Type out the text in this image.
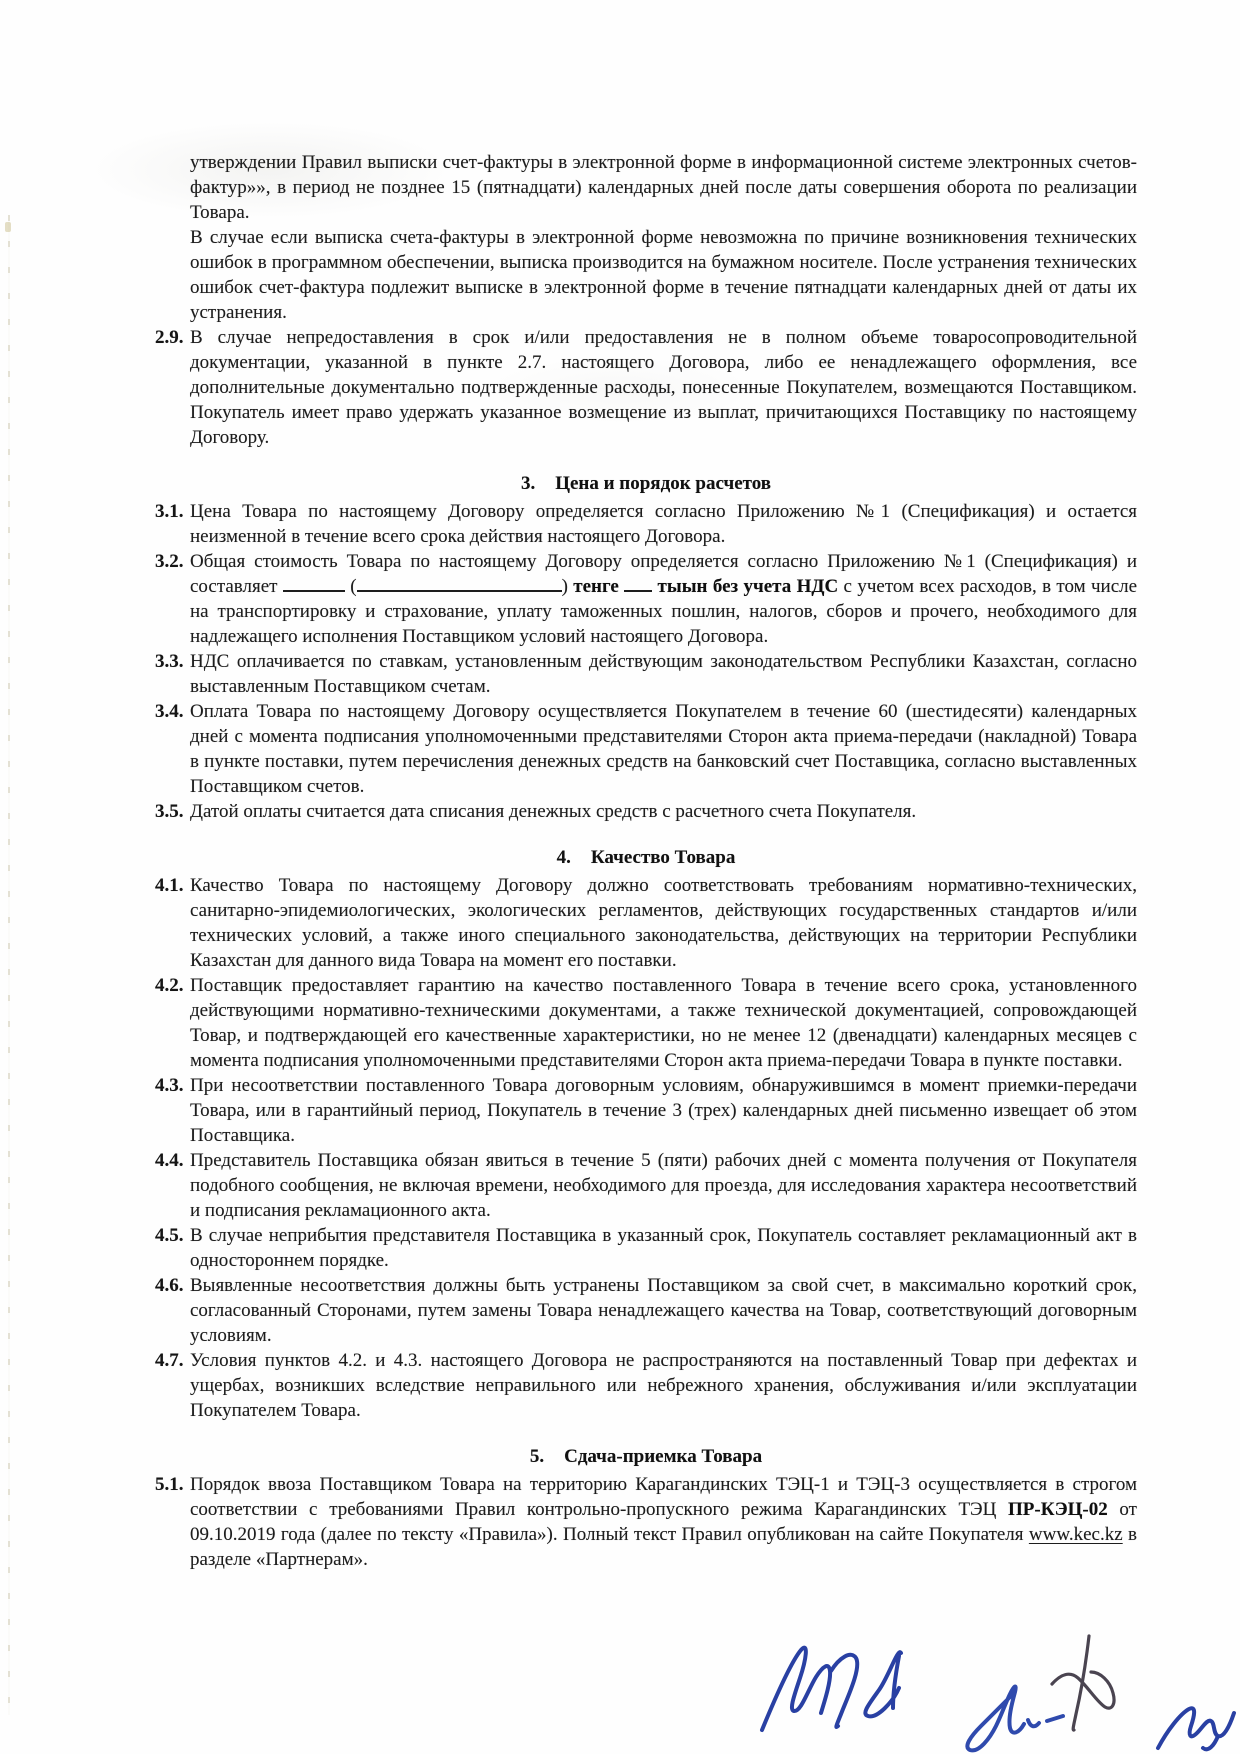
утверждении Правил выписки счет-фактуры в электронной форме в информационной системе электронных счетов-фактур»», в период не позднее 15 (пятнадцати) календарных дней после даты совершения оборота по реализации Товара.
В случае если выписка счета-фактуры в электронной форме невозможна по причине возникновения технических ошибок в программном обеспечении, выписка производится на бумажном носителе. После устранения технических ошибок счет-фактура подлежит выписке в электронной форме в течение пятнадцати календарных дней от даты их устранения.
2.9. В случае непредоставления в срок и/или предоставления не в полном объеме товаросопроводительной документации, указанной в пункте 2.7. настоящего Договора, либо ее ненадлежащего оформления, все дополнительные документально подтвержденные расходы, понесенные Покупателем, возмещаются Поставщиком. Покупатель имеет право удержать указанное возмещение из выплат, причитающихся Поставщику по настоящему Договору.
3. Цена и порядок расчетов
3.1. Цена Товара по настоящему Договору определяется согласно Приложению №1 (Спецификация) и остается неизменной в течение всего срока действия настоящего Договора.
3.2. Общая стоимость Товара по настоящему Договору определяется согласно Приложению №1 (Спецификация) и составляет	(	) тенге тыын без учета НДС с учетом всех расходов, в том числе на транспортировку и страхование, уплату таможенных пошлин, налогов, сборов и прочего, необходимого для надлежащего исполнения Поставщиком условий настоящего Договора.
3.3. НДС оплачивается по ставкам, установленным действующим законодательством Республики Казахстан, согласно выставленным Поставщиком счетам.
3.4. Оплата Товара по настоящему Договору осуществляется Покупателем в течение 60 (шестидесяти) календарных дней с момента подписания уполномоченными представителями Сторон акта приема-передачи (накладной) Товара в пункте поставки, путем перечисления денежных средств на банковский счет Поставщика, согласно выставленных Поставщиком счетов.
3.5. Датой оплаты считается дата списания денежных средств с расчетного счета Покупателя.
4. Качество Товара
4.1. Качество Товара по настоящему Договору должно соответствовать требованиям нормативно-технических, санитарно-эпидемиологических, экологических регламентов, действующих государственных стандартов и/или технических условий, а также иного специального законодательства, действующих на территории Республики Казахстан для данного вида Товара на момент его поставки.
4.2. Поставщик предоставляет гарантию на качество поставленного Товара в течение всего срока, установленного действующими нормативно-техническими документами, а также технической документацией, сопровождающей Товар, и подтверждающей его качественные характеристики, но не менее 12 (двенадцати) календарных месяцев с момента подписания уполномоченными представителями Сторон акта приема-передачи Товара в пункте поставки.
4.3. При несоответствии поставленного Товара договорным условиям, обнаружившимся в момент приемки-передачи Товара, или в гарантийный период, Покупатель в течение 3 (трех) календарных дней письменно извещает об этом Поставщика.
4.4. Представитель Поставщика обязан явиться в течение 5 (пяти) рабочих дней с момента получения от Покупателя подобного сообщения, не включая времени, необходимого для проезда, для исследования характера несоответствий и подписания рекламационного акта.
4.5. В случае неприбытия представителя Поставщика в указанный срок, Покупатель составляет рекламационный акт в одностороннем порядке.
4.6. Выявленные несоответствия должны быть устранены Поставщиком за свой счет, в максимально короткий срок, согласованный Сторонами, путем замены Товара ненадлежащего качества на Товар, соответствующий договорным условиям.
4.7. Условия пунктов 4.2. и 4.3. настоящего Договора не распространяются на поставленный Товар при дефектах и ущербах, возникших вследствие неправильного или небрежного хранения, обслуживания и/или эксплуатации Покупателем Товара.
5. Сдача-приемка Товара
5.1. Порядок ввоза Поставщиком Товара на территорию Карагандинских ТЭЦ-1 и ТЭЦ-3 осуществляется в строгом соответствии с требованиями Правил контрольно-пропускного режима Карагандинских ТЭЦ ПР-КЭЦ-02 от 09.10.2019 года (далее по тексту «Правила»). Полный текст Правил опубликован на сайте Покупателя www.kec.kz в разделе «Партнерам».
